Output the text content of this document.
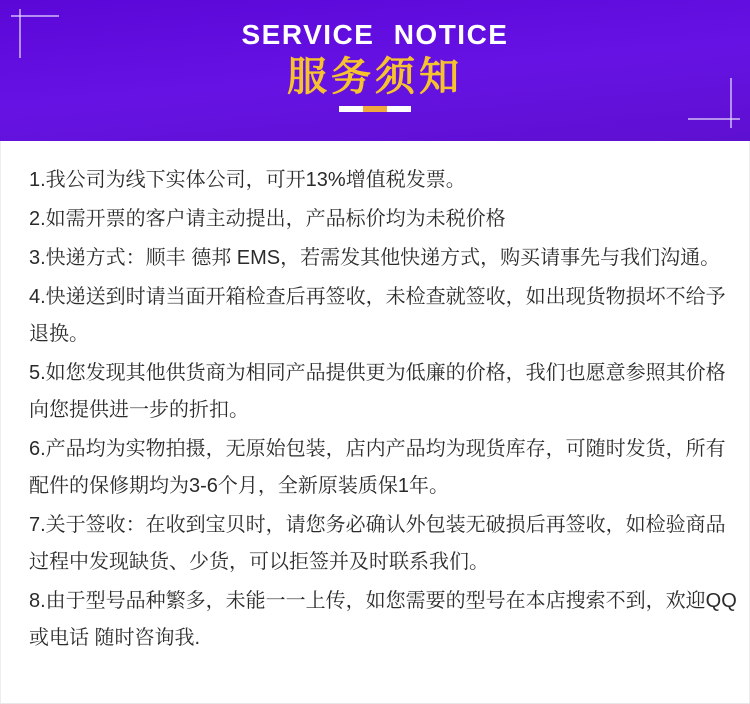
SERVICE NOTICE
服务须知

1.我公司为线下实体公司，可开13%增值税发票。

2.如需开票的客户请主动提出，产品标价均为未税价格

3.快递方式：顺丰 德邦 EMS，若需发其他快递方式，购买请事先与我们沟通。

4.快递送到时请当面开箱检查后再签收，未检查就签收，如出现货物损坏不给予退换。

5.如您发现其他供货商为相同产品提供更为低廉的价格，我们也愿意参照其价格向您提供进一步的折扣。

6.产品均为实物拍摄，无原始包装，店内产品均为现货库存，可随时发货，所有配件的保修期均为3-6个月，全新原装质保1年。

7.关于签收：在收到宝贝时，请您务必确认外包装无破损后再签收，如检验商品过程中发现缺货、少货，可以拒签并及时联系我们。

8.由于型号品种繁多，未能一一上传，如您需要的型号在本店搜索不到，欢迎QQ或电话 随时咨询我.
